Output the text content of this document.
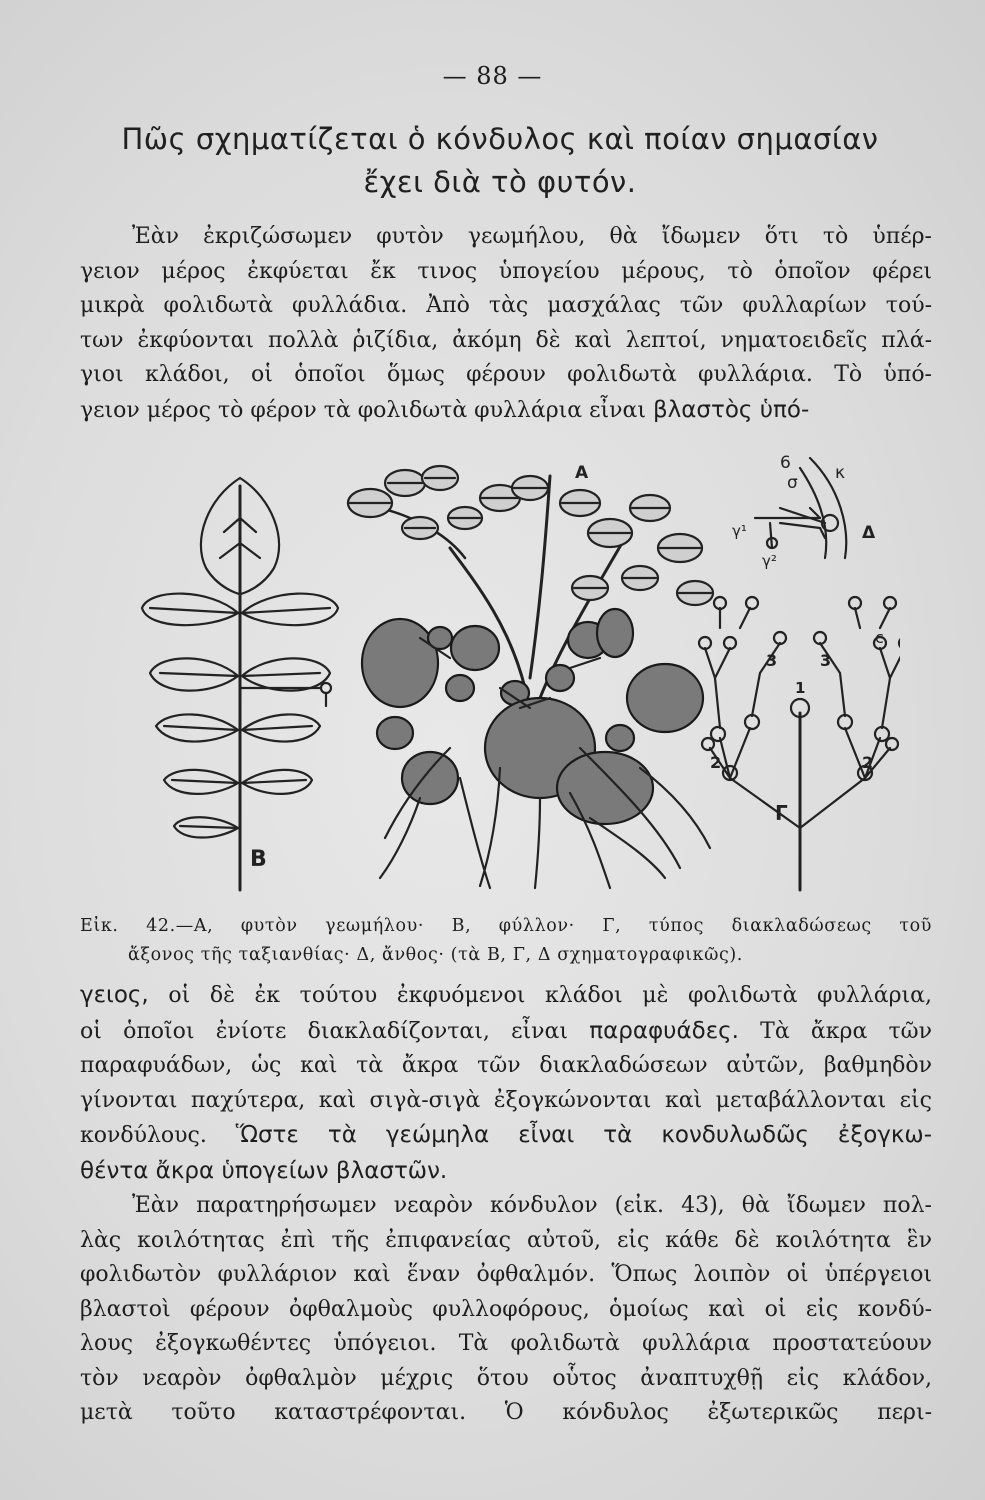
— 88 —
Πῶς σχηματίζεται ὁ κόνδυλος καὶ ποίαν σημασίαν
ἔχει διὰ τὸ φυτόν.
Ἐὰν ἐκριζώσωμεν φυτὸν γεωμήλου, θὰ ἴδωμεν ὅτι τὸ ὑπέρ-
γειον μέρος ἐκφύεται ἔκ τινος ὑπογείου μέρους, τὸ ὁποῖον φέρει
μικρὰ φολιδωτὰ φυλλάδια. Ἀπὸ τὰς μασχάλας τῶν φυλλαρίων τού-
των ἐκφύονται πολλὰ ῥιζίδια, ἀκόμη δὲ καὶ λεπτοί, νηματοειδεῖς πλά-
γιοι κλάδοι, οἱ ὁποῖοι ὅμως φέρουν φολιδωτὰ φυλλάρια. Τὸ ὑπό-
γειον μέρος τὸ φέρον τὰ φολιδωτὰ φυλλάρια εἶναι βλαστὸς ὑπό-
Β
Α
Γ
Δ
σ
6	κ
γ¹
γ²
1
2	2
3	3
c
Εἰκ. 42.—Α, φυτὸν γεωμήλου· Β, φύλλον· Γ, τύπος διακλαδώσεως τοῦ
ἄξονος τῆς ταξιανθίας· Δ, ἄνθος· (τὰ Β, Γ, Δ σχηματογραφικῶς).
γειος, οἱ δὲ ἐκ τούτου ἐκφυόμενοι κλάδοι μὲ φολιδωτὰ φυλλάρια,
οἱ ὁποῖοι ἐνίοτε διακλαδίζονται, εἶναι παραφυάδες. Τὰ ἄκρα τῶν
παραφυάδων, ὡς καὶ τὰ ἄκρα τῶν διακλαδώσεων αὐτῶν, βαθμηδὸν
γίνονται παχύτερα, καὶ σιγὰ-σιγὰ ἐξογκώνονται καὶ μεταβάλλονται εἰς
κονδύλους. Ὥστε τὰ γεώμηλα εἶναι τὰ κονδυλωδῶς ἐξογκω-
θέντα ἄκρα ὑπογείων βλαστῶν.
Ἐὰν παρατηρήσωμεν νεαρὸν κόνδυλον (εἰκ. 43), θὰ ἴδωμεν πολ-
λὰς κοιλότητας ἐπὶ τῆς ἐπιφανείας αὐτοῦ, εἰς κάθε δὲ κοιλότητα ἓν
φολιδωτὸν φυλλάριον καὶ ἕναν ὀφθαλμόν. Ὅπως λοιπὸν οἱ ὑπέργειοι
βλαστοὶ φέρουν ὀφθαλμοὺς φυλλοφόρους, ὁμοίως καὶ οἱ εἰς κονδύ-
λους ἐξογκωθέντες ὑπόγειοι. Τὰ φολιδωτὰ φυλλάρια προστατεύουν
τὸν νεαρὸν ὀφθαλμὸν μέχρις ὅτου οὗτος ἀναπτυχθῇ εἰς κλάδον,
μετὰ τοῦτο καταστρέφονται. Ὁ κόνδυλος ἐξωτερικῶς περι-
